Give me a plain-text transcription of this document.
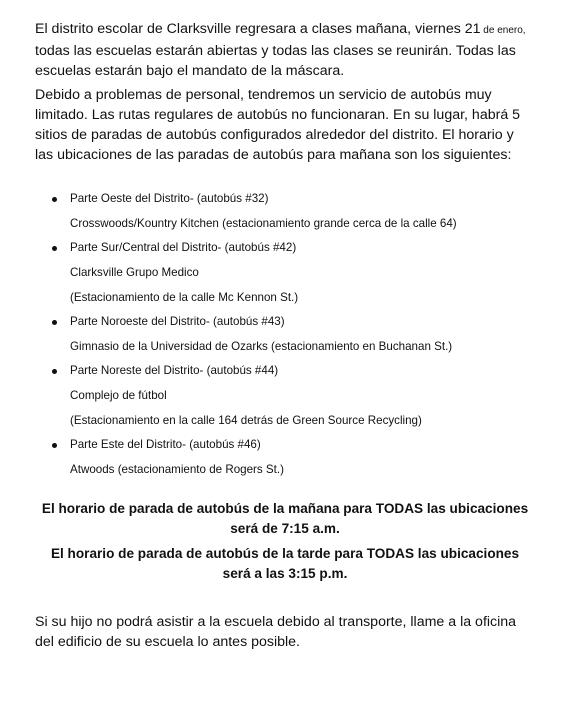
El distrito escolar de Clarksville regresara a clases mañana, viernes 21 de enero, todas las escuelas estarán abiertas y todas las clases se reunirán. Todas las escuelas estarán bajo el mandato de la máscara.

Debido a problemas de personal, tendremos un servicio de autobús muy limitado. Las rutas regulares de autobús no funcionaran. En su lugar, habrá 5 sitios de paradas de autobús configurados alrededor del distrito. El horario y las ubicaciones de las paradas de autobús para mañana son los siguientes:

Parte Oeste del Distrito- (autobús #32)
Crosswoods/Kountry Kitchen (estacionamiento grande cerca de la calle 64)
Parte Sur/Central del Distrito- (autobús #42)
Clarksville Grupo Medico
(Estacionamiento de la calle Mc Kennon St.)
Parte Noroeste del Distrito- (autobús #43)
Gimnasio de la Universidad de Ozarks (estacionamiento en Buchanan St.)
Parte Noreste del Distrito- (autobús #44)
Complejo de fútbol
(Estacionamiento en la calle 164 detrás de Green Source Recycling)
Parte Este del Distrito- (autobús #46)
Atwoods (estacionamiento de Rogers St.)
El horario de parada de autobús de la mañana para TODAS las ubicaciones
será de 7:15 a.m.
El horario de parada de autobús de la tarde para TODAS las ubicaciones
será a las 3:15 p.m.

Si su hijo no podrá asistir a la escuela debido al transporte, llame a la oficina del edificio de su escuela lo antes posible.
